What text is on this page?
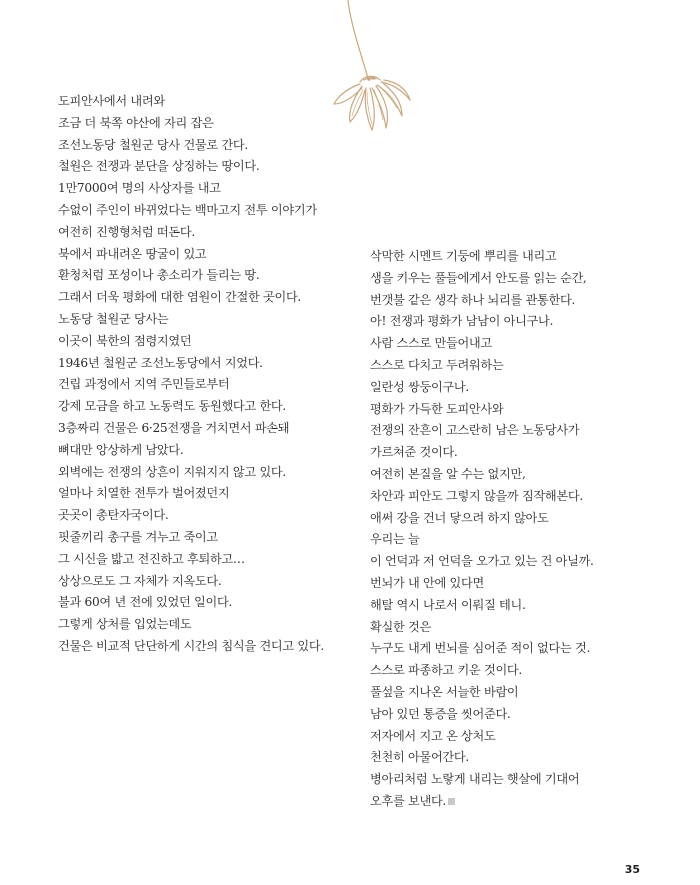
도피안사에서 내려와
조금 더 북쪽 야산에 자리 잡은
조선노동당 철원군 당사 건물로 간다.
철원은 전쟁과 분단을 상징하는 땅이다.
1만7000여 명의 사상자를 내고
수없이 주인이 바뀌었다는 백마고지 전투 이야기가
여전히 진행형처럼 떠돈다.
북에서 파내려온 땅굴이 있고
환청처럼 포성이나 총소리가 들리는 땅.
그래서 더욱 평화에 대한 염원이 간절한 곳이다.
노동당 철원군 당사는
이곳이 북한의 점령지였던
1946년 철원군 조선노동당에서 지었다.
건립 과정에서 지역 주민들로부터
강제 모금을 하고 노동력도 동원했다고 한다.
3층짜리 건물은 6·25전쟁을 거치면서 파손돼
뼈대만 앙상하게 남았다.
외벽에는 전쟁의 상흔이 지워지지 않고 있다.
얼마나 치열한 전투가 벌어졌던지
곳곳이 총탄자국이다.
핏줄끼리 총구를 겨누고 죽이고
그 시신을 밟고 전진하고 후퇴하고…
상상으로도 그 자체가 지옥도다.
불과 60여 년 전에 있었던 일이다.
그렇게 상처를 입었는데도
건물은 비교적 단단하게 시간의 침식을 견디고 있다.
삭막한 시멘트 기둥에 뿌리를 내리고
생을 키우는 풀들에게서 안도를 읽는 순간,
번갯불 같은 생각 하나 뇌리를 관통한다.
아! 전쟁과 평화가 남남이 아니구나.
사람 스스로 만들어내고
스스로 다치고 두려워하는
일란성 쌍둥이구나.
평화가 가득한 도피안사와
전쟁의 잔흔이 고스란히 남은 노동당사가
가르쳐준 것이다.
여전히 본질을 알 수는 없지만,
차안과 피안도 그렇지 않을까 짐작해본다.
애써 강을 건너 닿으려 하지 않아도
우리는 늘
이 언덕과 저 언덕을 오가고 있는 건 아닐까.
번뇌가 내 안에 있다면
해탈 역시 나로서 이뤄질 테니.
확실한 것은
누구도 내게 번뇌를 심어준 적이 없다는 것.
스스로 파종하고 키운 것이다.
풀섶을 지나온 서늘한 바람이
남아 있던 통증을 씻어준다.
저자에서 지고 온 상처도
천천히 아물어간다.
병아리처럼 노랗게 내리는 햇살에 기대어
오후를 보낸다.
35
